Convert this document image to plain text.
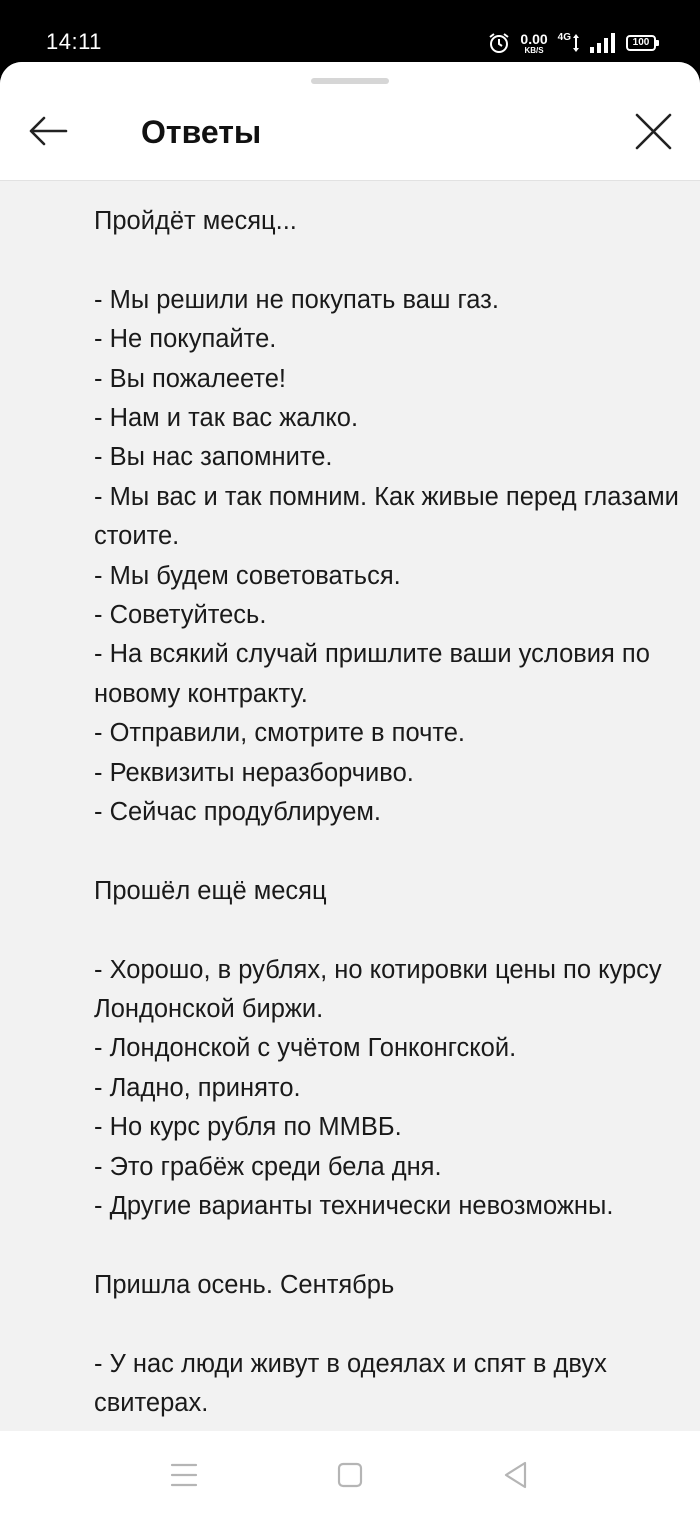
14:11	0.00
KB/S
4G	100
Ответы

Пройдёт месяц...

- Мы решили не покупать ваш газ.

- Не покупайте.

- Вы пожалеете!

- Нам и так вас жалко.

- Вы нас запомните.

- Мы вас и так помним. Как живые перед глазами стоите.

- Мы будем советоваться.

- Советуйтесь.

- На всякий случай пришлите ваши условия по новому контракту.

- Отправили, смотрите в почте.

- Реквизиты неразборчиво.

- Сейчас продублируем.

Прошёл ещё месяц

- Хорошо, в рублях, но котировки цены по курсу Лондонской биржи.

- Лондонской с учётом Гонконгской.

- Ладно, принято.

- Но курс рубля по ММВБ.

- Это грабёж среди бела дня.

- Другие варианты технически невозможны.

Пришла осень. Сентябрь

- У нас люди живут в одеялах и спят в двух свитерах.
